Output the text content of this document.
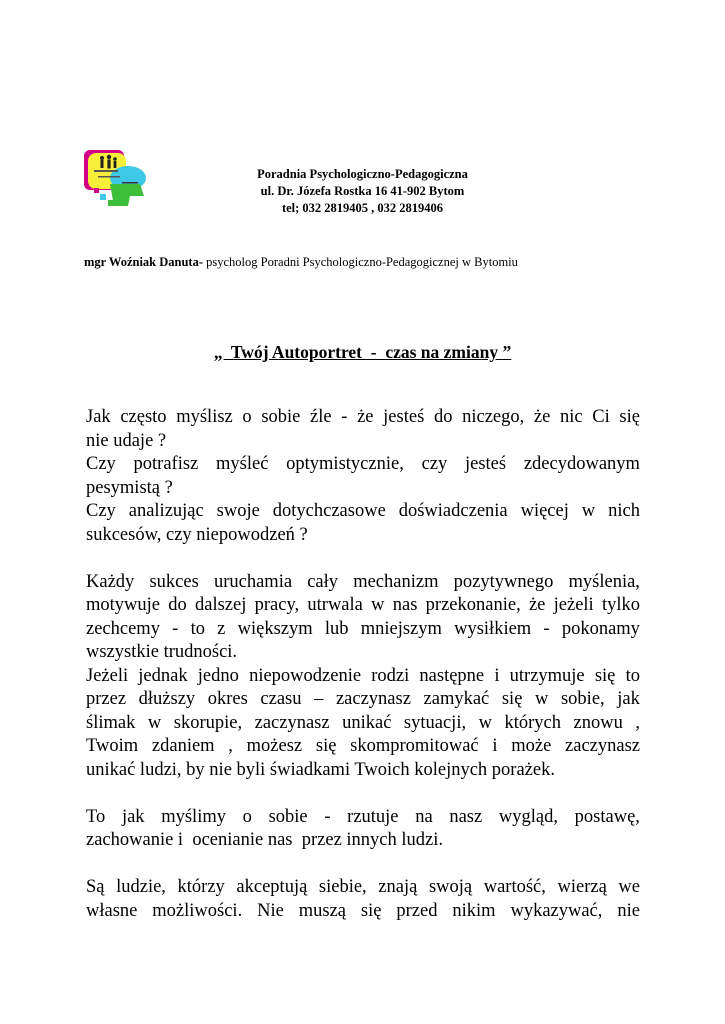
Poradnia Psychologiczno-Pedagogiczna
ul. Dr. Józefa Rostka 16 41-902 Bytom
tel; 032 2819405 , 032 2819406
mgr Woźniak Danuta- psycholog Poradni Psychologiczno-Pedagogicznej w Bytomiu
„  Twój Autoportret  -  czas na zmiany ”
Jak często myślisz o sobie źle - że jesteś do niczego, że nic Ci się
nie udaje ?
Czy potrafisz myśleć optymistycznie, czy jesteś zdecydowanym
pesymistą ?
Czy analizując swoje dotychczasowe doświadczenia więcej w nich
sukcesów, czy niepowodzeń ?
Każdy sukces uruchamia cały mechanizm pozytywnego myślenia,
motywuje do dalszej pracy, utrwala w nas przekonanie, że jeżeli tylko
zechcemy - to z większym lub mniejszym wysiłkiem - pokonamy
wszystkie trudności.
Jeżeli jednak jedno niepowodzenie rodzi następne i utrzymuje się to
przez dłuższy okres czasu – zaczynasz zamykać się w sobie, jak
ślimak w skorupie, zaczynasz unikać sytuacji, w których znowu ,
Twoim zdaniem , możesz się skompromitować i może zaczynasz
unikać ludzi, by nie byli świadkami Twoich kolejnych porażek.
To jak myślimy o sobie - rzutuje na nasz wygląd, postawę,
zachowanie i  ocenianie nas  przez innych ludzi.
Są ludzie, którzy akceptują siebie, znają swoją wartość, wierzą we
własne możliwości. Nie muszą się przed nikim wykazywać, nie
